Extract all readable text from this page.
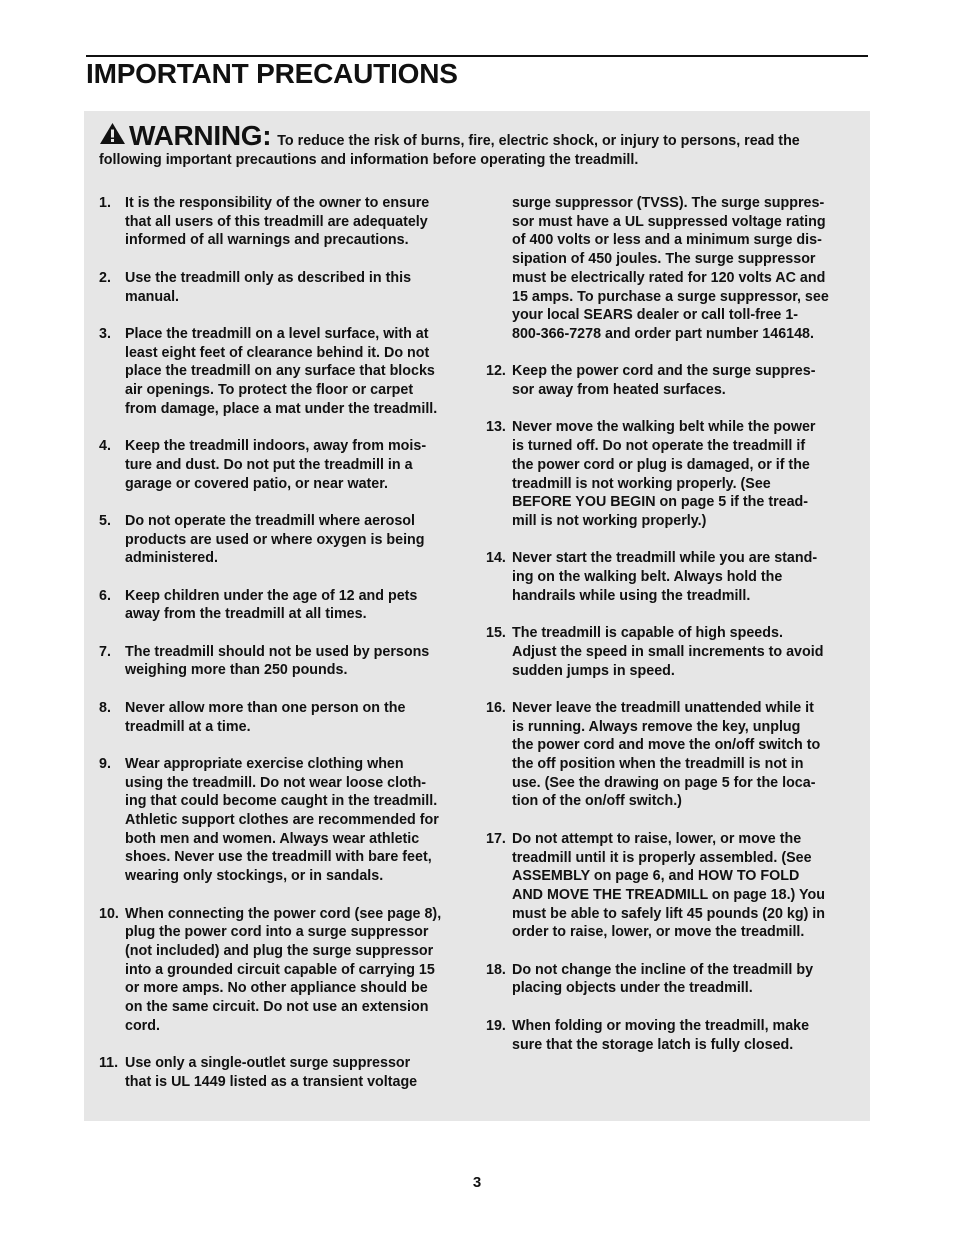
IMPORTANT PRECAUTIONS
WARNING: To reduce the risk of burns, fire, electric shock, or injury to persons, read the
following important precautions and information before operating the treadmill.
1. It is the responsibility of the owner to ensure
that all users of this treadmill are adequately
informed of all warnings and precautions.
2. Use the treadmill only as described in this
manual.
3. Place the treadmill on a level surface, with at
least eight feet of clearance behind it. Do not
place the treadmill on any surface that blocks
air openings. To protect the floor or carpet
from damage, place a mat under the treadmill.
4. Keep the treadmill indoors, away from mois-
ture and dust. Do not put the treadmill in a
garage or covered patio, or near water.
5. Do not operate the treadmill where aerosol
products are used or where oxygen is being
administered.
6. Keep children under the age of 12 and pets
away from the treadmill at all times.
7. The treadmill should not be used by persons
weighing more than 250 pounds.
8. Never allow more than one person on the
treadmill at a time.
9. Wear appropriate exercise clothing when
using the treadmill. Do not wear loose cloth-
ing that could become caught in the treadmill.
Athletic support clothes are recommended for
both men and women. Always wear athletic
shoes. Never use the treadmill with bare feet,
wearing only stockings, or in sandals.
10. When connecting the power cord (see page 8),
plug the power cord into a surge suppressor
(not included) and plug the surge suppressor
into a grounded circuit capable of carrying 15
or more amps. No other appliance should be
on the same circuit. Do not use an extension
cord.
11. Use only a single-outlet surge suppressor
that is UL 1449 listed as a transient voltage
surge suppressor (TVSS). The surge suppres-
sor must have a UL suppressed voltage rating
of 400 volts or less and a minimum surge dis-
sipation of 450 joules. The surge suppressor
must be electrically rated for 120 volts AC and
15 amps. To purchase a surge suppressor, see
your local SEARS dealer or call toll-free 1-
800-366-7278 and order part number 146148.
12. Keep the power cord and the surge suppres-
sor away from heated surfaces.
13. Never move the walking belt while the power
is turned off. Do not operate the treadmill if
the power cord or plug is damaged, or if the
treadmill is not working properly. (See
BEFORE YOU BEGIN on page 5 if the tread-
mill is not working properly.)
14. Never start the treadmill while you are stand-
ing on the walking belt. Always hold the
handrails while using the treadmill.
15. The treadmill is capable of high speeds.
Adjust the speed in small increments to avoid
sudden jumps in speed.
16. Never leave the treadmill unattended while it
is running. Always remove the key, unplug
the power cord and move the on/off switch to
the off position when the treadmill is not in
use. (See the drawing on page 5 for the loca-
tion of the on/off switch.)
17. Do not attempt to raise, lower, or move the
treadmill until it is properly assembled. (See
ASSEMBLY on page 6, and HOW TO FOLD
AND MOVE THE TREADMILL on page 18.) You
must be able to safely lift 45 pounds (20 kg) in
order to raise, lower, or move the treadmill.
18. Do not change the incline of the treadmill by
placing objects under the treadmill.
19. When folding or moving the treadmill, make
sure that the storage latch is fully closed.
3
